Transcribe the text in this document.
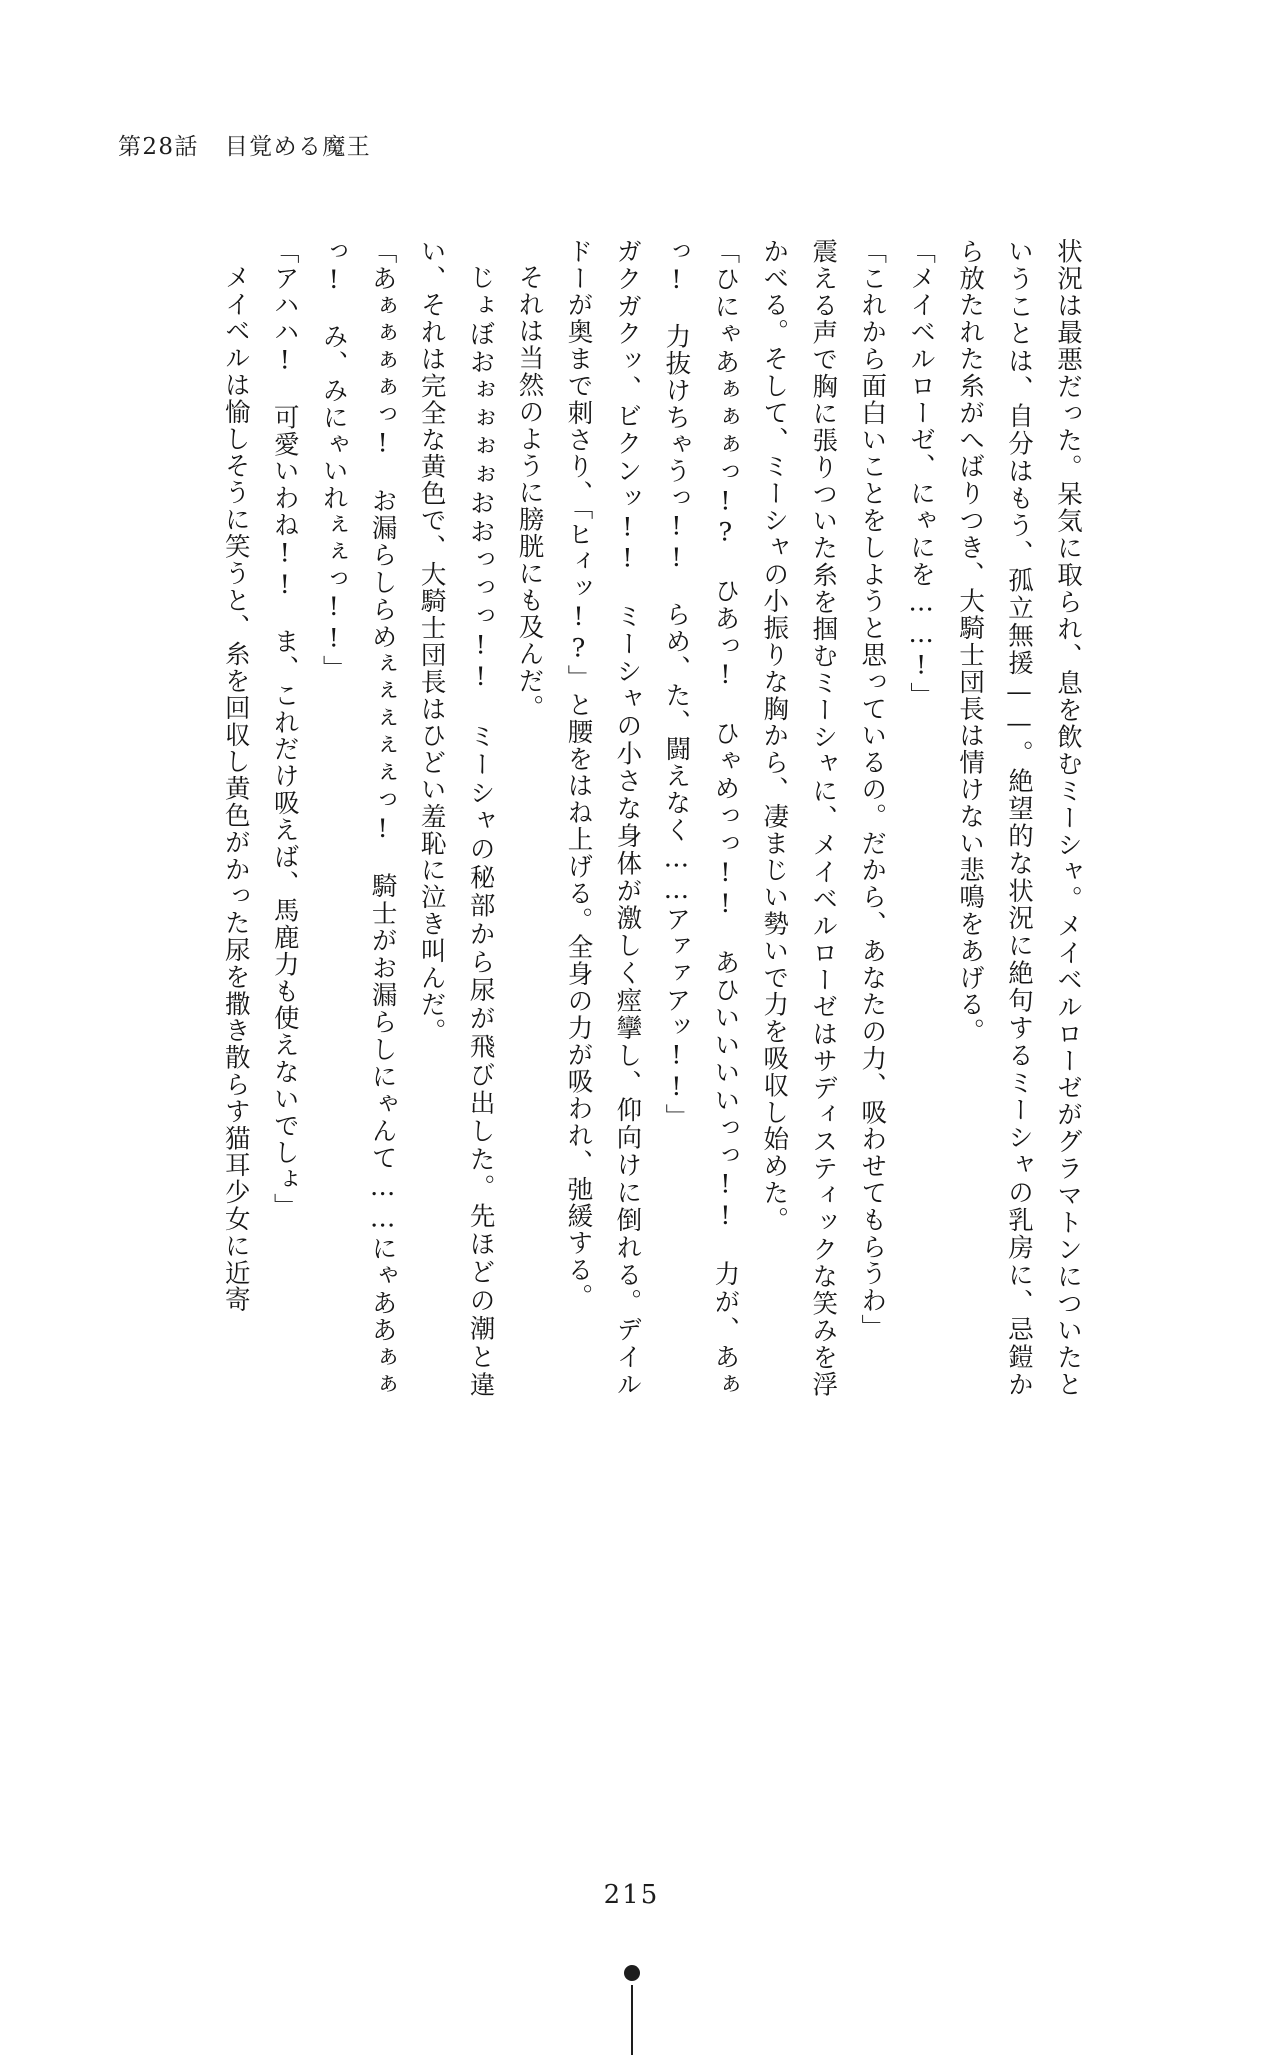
第28話 目覚める魔王

状況は最悪だった。呆気に取られ、息を飲むミーシャ。メイベルローゼがグラマトンについたということは、自分はもう、孤立無援——。絶望的な状況に絶句するミーシャの乳房に、忌鎧から放たれた糸がへばりつき、大騎士団長は情けない悲鳴をあげる。

「メイベルローゼ、にゃにを……!」

「これから面白いことをしようと思っているの。だから、あなたの力、吸わせてもらうわ」

震える声で胸に張りついた糸を掴むミーシャに、メイベルローゼはサディスティックな笑みを浮かべる。そして、ミーシャの小振りな胸から、凄まじい勢いで力を吸収し始めた。

「ひにゃあぁぁぁっ!?　ひあっ!　ひゃめっっ!!　あひいいいいっっ!!　力が、あぁっ!　力抜けちゃうっ!!　らめ、た、闘えなく……アァァアッ!!」

ガクガクッ、ビクンッ!!　ミーシャの小さな身体が激しく痙攣し、仰向けに倒れる。デイルドーが奥まで刺さり、「ヒィッ!?」と腰をはね上げる。全身の力が吸われ、弛緩する。

それは当然のように膀胱にも及んだ。

じょぼおぉぉぉぉおおっっっ!!　ミーシャの秘部から尿が飛び出した。先ほどの潮と違い、それは完全な黄色で、大騎士団長はひどい羞恥に泣き叫んだ。

「あぁぁぁぁっ!　お漏らしらめぇぇぇぇぇっ!　騎士がお漏らしにゃんて……にゃああぁぁっ!　み、みにゃいれぇぇっ!!」

「アハハ!　可愛いわね!!　ま、これだけ吸えば、馬鹿力も使えないでしょ」

メイベルは愉しそうに笑うと、糸を回収し黄色がかった尿を撒き散らす猫耳少女に近寄

215
